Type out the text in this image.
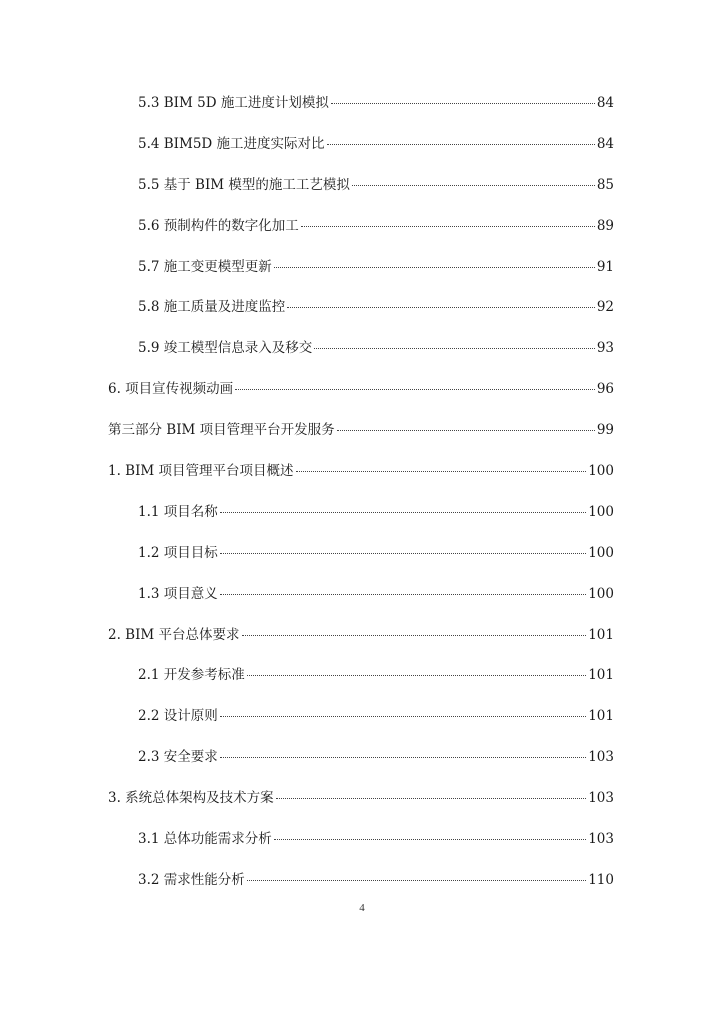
5.3 BIM 5D 施工进度计划模拟	84
5.4 BIM5D 施工进度实际对比	84
5.5 基于 BIM 模型的施工工艺模拟	85
5.6 预制构件的数字化加工	89
5.7 施工变更模型更新	91
5.8 施工质量及进度监控	92
5.9 竣工模型信息录入及移交	93
6. 项目宣传视频动画	96
第三部分 BIM 项目管理平台开发服务	99
1. BIM 项目管理平台项目概述	100
1.1 项目名称	100
1.2 项目目标	100
1.3 项目意义	100
2. BIM 平台总体要求	101
2.1 开发参考标准	101
2.2 设计原则	101
2.3 安全要求	103
3. 系统总体架构及技术方案	103
3.1 总体功能需求分析	103
3.2 需求性能分析	110
4
